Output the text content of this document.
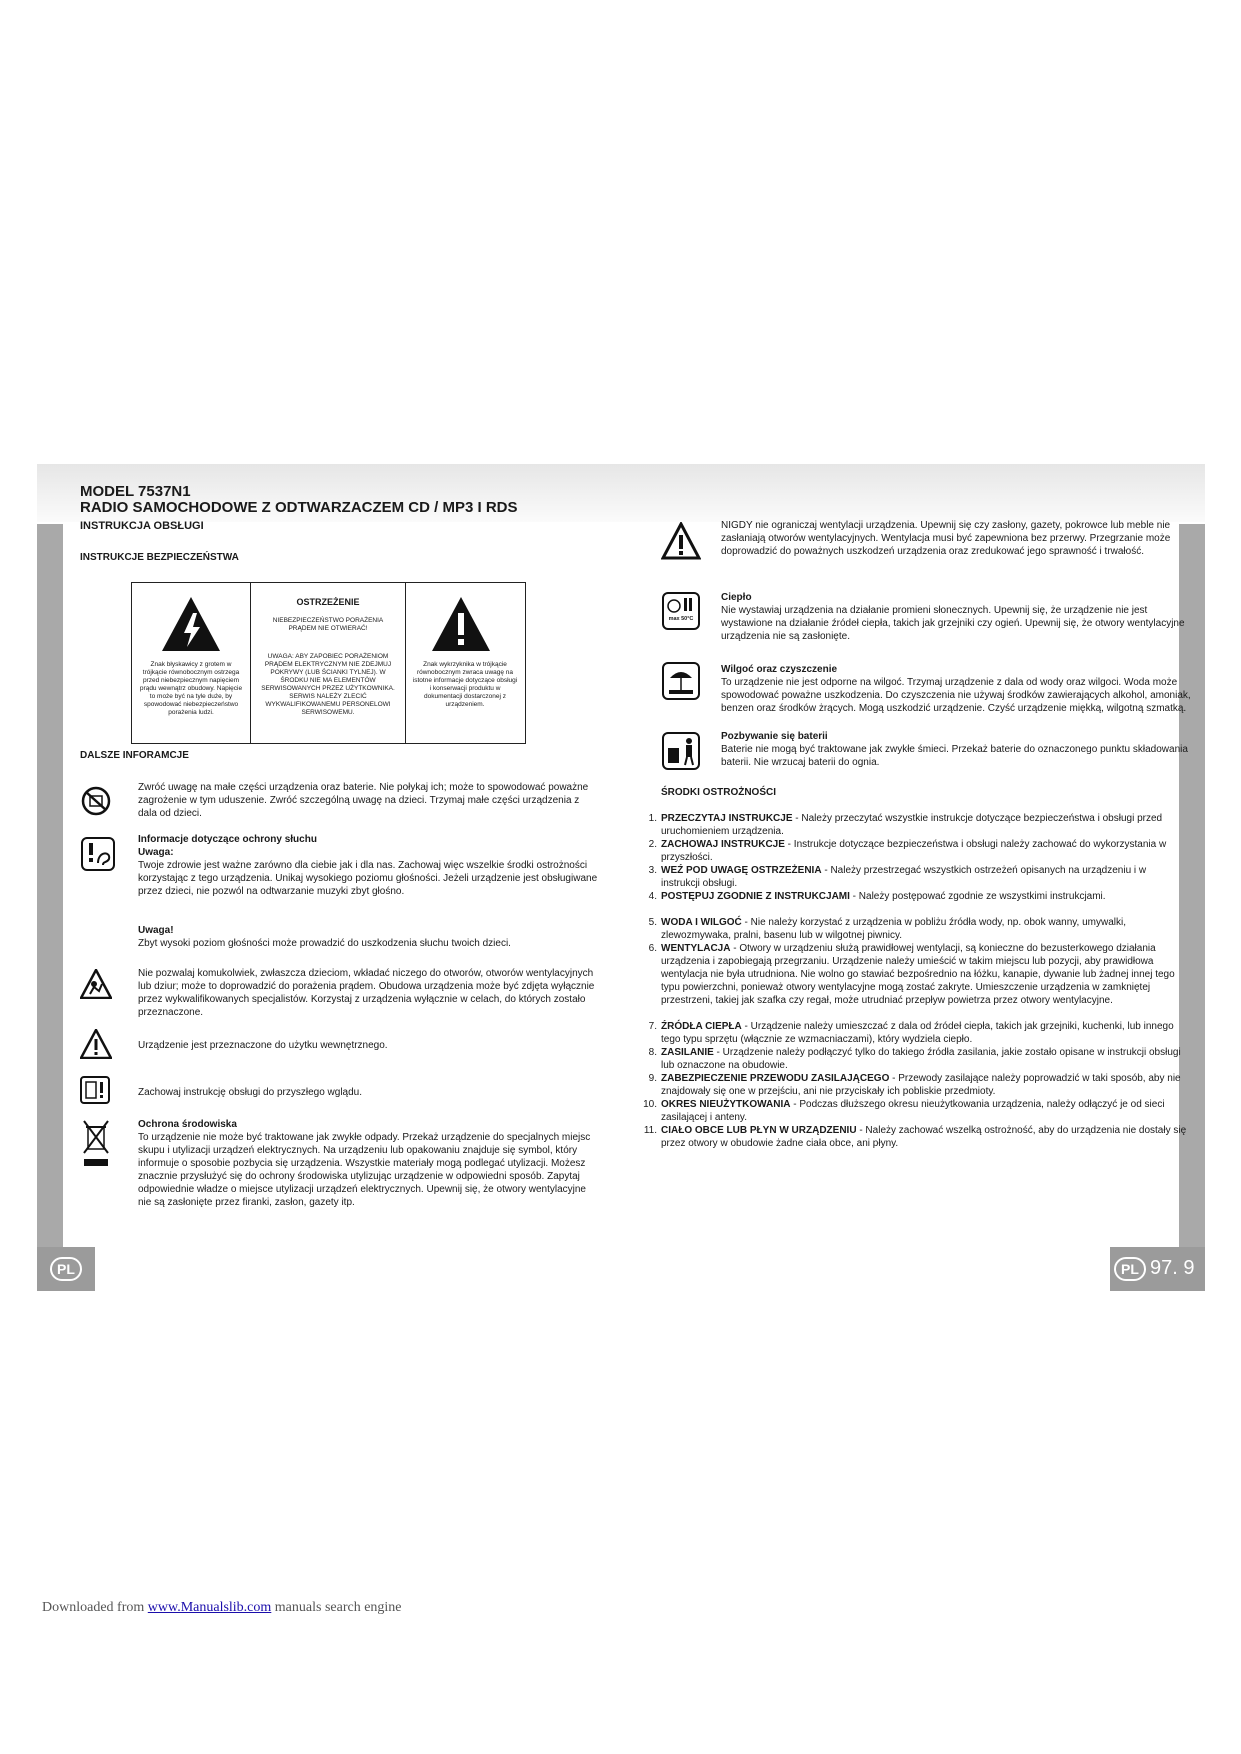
MODEL 7537N1
RADIO SAMOCHODOWE Z ODTWARZACZEM CD / MP3 I RDS
INSTRUKCJA OBSŁUGI
INSTRUKCJE BEZPIECZEŃSTWA
Znak błyskawicy z grotem w trójkącie równobocznym ostrzega przed niebezpiecznym napięciem prądu wewnątrz obudowy. Napięcie to może być na tyle duże, by spowodować niebezpieczeństwo porażenia ludzi.
OSTRZEŻENIE
NIEBEZPIECZEŃSTWO PORAŻENIA PRĄDEM NIE OTWIERAĆ!
UWAGA: ABY ZAPOBIEC PORAŻENIOM PRĄDEM ELEKTRYCZNYM NIE ZDEJMUJ POKRYWY (LUB ŚCIANKI TYLNEJ). W ŚRODKU NIE MA ELEMENTÓW SERWISOWANYCH PRZEZ UŻYTKOWNIKA. SERWIS NALEŻY ZLECIĆ WYKWALIFIKOWANEMU PERSONELOWI SERWISOWEMU.
Znak wykrzyknika w trójkącie równobocznym zwraca uwagę na istotne informacje dotyczące obsługi i konserwacji produktu w dokumentacji dostarczonej z urządzeniem.
DALSZE INFORAMCJE
Zwróć uwagę na małe części urządzenia oraz baterie. Nie połykaj ich; może to spowodować poważne zagrożenie w tym uduszenie. Zwróć szczególną uwagę na dzieci. Trzymaj małe części urządzenia z dala od dzieci.
Informacje dotyczące ochrony słuchu
Uwaga:
Twoje zdrowie jest ważne zarówno dla ciebie jak i dla nas. Zachowaj więc wszelkie środki ostrożności korzystając z tego urządzenia. Unikaj wysokiego poziomu głośności. Jeżeli urządzenie jest obsługiwane przez dzieci, nie pozwól na odtwarzanie muzyki zbyt głośno.
Uwaga!
Zbyt wysoki poziom głośności może prowadzić do uszkodzenia słuchu twoich dzieci.
Nie pozwalaj komukolwiek, zwłaszcza dzieciom, wkładać niczego do otworów, otworów wentylacyjnych lub dziur; może to doprowadzić do porażenia prądem. Obudowa urządzenia może być zdjęta wyłącznie przez wykwalifikowanych specjalistów. Korzystaj z urządzenia wyłącznie w celach, do których zostało przeznaczone.
Urządzenie jest przeznaczone do użytku wewnętrznego.
Zachowaj instrukcję obsługi do przyszłego wglądu.
Ochrona środowiska
To urządzenie nie może być traktowane jak zwykłe odpady. Przekaż urządzenie do specjalnych miejsc skupu i utylizacji urządzeń elektrycznych. Na urządzeniu lub opakowaniu znajduje się symbol, który informuje o sposobie pozbycia się urządzenia. Wszystkie materiały mogą podlegać utylizacji. Możesz znacznie przysłużyć się do ochrony środowiska utylizując urządzenie w odpowiedni sposób. Zapytaj odpowiednie władze o miejsce utylizacji urządzeń elektrycznych. Upewnij się, że otwory wentylacyjne nie są zasłonięte przez firanki, zasłon, gazety itp.
NIGDY nie ograniczaj wentylacji urządzenia. Upewnij się czy zasłony, gazety, pokrowce lub meble nie zasłaniają otworów wentylacyjnych. Wentylacja musi być zapewniona bez przerwy. Przegrzanie może doprowadzić do poważnych uszkodzeń urządzenia oraz zredukować jego sprawność i trwałość.
max 50°C
Ciepło
Nie wystawiaj urządzenia na działanie promieni słonecznych. Upewnij się, że urządzenie nie jest wystawione na działanie źródeł ciepła, takich jak grzejniki czy ogień. Upewnij się, że otwory wentylacyjne urządzenia nie są zasłonięte.
Wilgoć oraz czyszczenie
To urządzenie nie jest odporne na wilgoć. Trzymaj urządzenie z dala od wody oraz wilgoci. Woda może spowodować poważne uszkodzenia. Do czyszczenia nie używaj środków zawierających alkohol, amoniak, benzen oraz środków żrących. Mogą uszkodzić urządzenie. Czyść urządzenie miękką, wilgotną szmatką.
Pozbywanie się baterii
Baterie nie mogą być traktowane jak zwykłe śmieci. Przekaż baterie do oznaczonego punktu składowania baterii. Nie wrzucaj baterii do ognia.
ŚRODKI OSTROŻNOŚCI
1. PRZECZYTAJ INSTRUKCJE - Należy przeczytać wszystkie instrukcje dotyczące bezpieczeństwa i obsługi przed uruchomieniem urządzenia.
2. ZACHOWAJ INSTRUKCJE - Instrukcje dotyczące bezpieczeństwa i obsługi należy zachować do wykorzystania w przyszłości.
3. WEŹ POD UWAGĘ OSTRZEŻENIA - Należy przestrzegać wszystkich ostrzeżeń opisanych na urządzeniu i w instrukcji obsługi.
4. POSTĘPUJ ZGODNIE Z INSTRUKCJAMI - Należy postępować zgodnie ze wszystkimi instrukcjami.
5. WODA I WILGOĆ - Nie należy korzystać z urządzenia w pobliżu źródła wody, np. obok wanny, umywalki, zlewozmywaka, pralni, basenu lub w wilgotnej piwnicy.
6. WENTYLACJA - Otwory w urządzeniu służą prawidłowej wentylacji, są konieczne do bezusterkowego działania urządzenia i zapobiegają przegrzaniu. Urządzenie należy umieścić w takim miejscu lub pozycji, aby prawidłowa wentylacja nie była utrudniona. Nie wolno go stawiać bezpośrednio na łóżku, kanapie, dywanie lub żadnej innej tego typu powierzchni, ponieważ otwory wentylacyjne mogą zostać zakryte. Umieszczenie urządzenia w zamkniętej przestrzeni, takiej jak szafka czy regał, może utrudniać przepływ powietrza przez otwory wentylacyjne.
7. ŹRÓDŁA CIEPŁA - Urządzenie należy umieszczać z dala od źródeł ciepła, takich jak grzejniki, kuchenki, lub innego tego typu sprzętu (włącznie ze wzmacniaczami), który wydziela ciepło.
8. ZASILANIE - Urządzenie należy podłączyć tylko do takiego źródła zasilania, jakie zostało opisane w instrukcji obsługi lub oznaczone na obudowie.
9. ZABEZPIECZENIE PRZEWODU ZASILAJĄCEGO - Przewody zasilające należy poprowadzić w taki sposób, aby nie znajdowały się one w przejściu, ani nie przyciskały ich pobliskie przedmioty.
10. OKRES NIEUŻYTKOWANIA - Podczas dłuższego okresu nieużytkowania urządzenia, należy odłączyć je od sieci zasilającej i anteny.
11. CIAŁO OBCE LUB PŁYN W URZĄDZENIU - Należy zachować wszelką ostrożność, aby do urządzenia nie dostały się przez otwory w obudowie żadne ciała obce, ani płyny.
PL	PL 97. 9
Downloaded from www.Manualslib.com manuals search engine
